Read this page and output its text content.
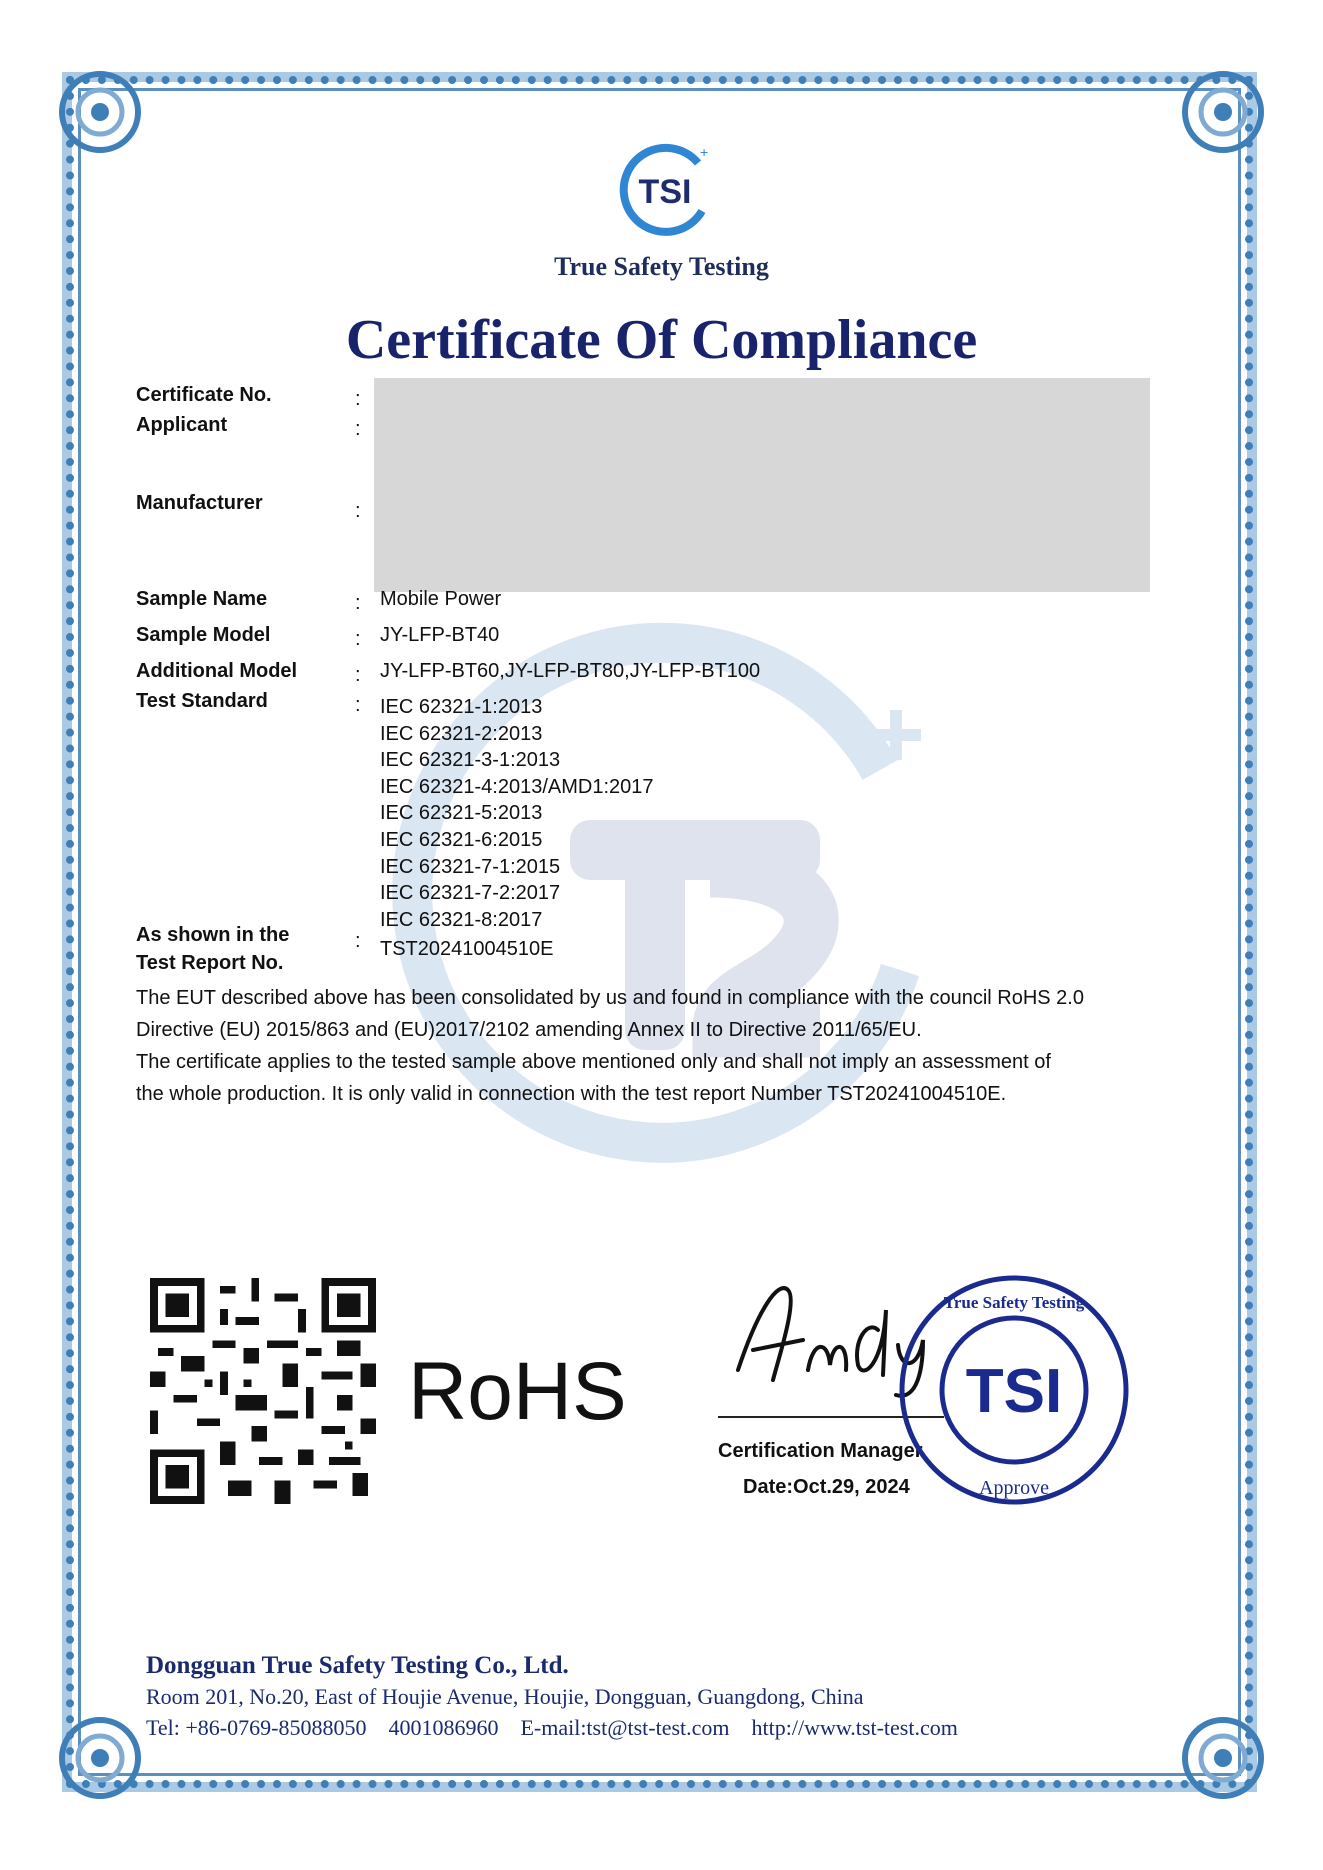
TSI
+
True Safety Testing
Certificate Of Compliance
Certificate No.	:
Applicant	:
Manufacturer	:
Sample Name	: Mobile Power
Sample Model	: JY-LFP-BT40
Additional Model	: JY-LFP-BT60,JY-LFP-BT80,JY-LFP-BT100
Test Standard	: IEC 62321-1:2013
IEC 62321-2:2013
IEC 62321-3-1:2013
IEC 62321-4:2013/AMD1:2017
IEC 62321-5:2013
IEC 62321-6:2015
IEC 62321-7-1:2015
IEC 62321-7-2:2017
IEC 62321-8:2017
As shown in the
Test Report No.
: TST20241004510E
The EUT described above has been consolidated by us and found in compliance with the council RoHS 2.0
Directive (EU) 2015/863 and (EU)2017/2102 amending Annex II to Directive 2011/65/EU.
The certificate applies to the tested sample above mentioned only and shall not imply an assessment of
the whole production. It is only valid in connection with the test report Number TST20241004510E.
RoHS
Certification Manager
Date:Oct.29, 2024
TSI
True Safety Testing
Approve
Dongguan True Safety Testing Co., Ltd.
Room 201, No.20, East of Houjie Avenue, Houjie, Dongguan, Guangdong, China
Tel: +86-0769-85088050    4001086960    E-mail:tst@tst-test.com    http://www.tst-test.com
